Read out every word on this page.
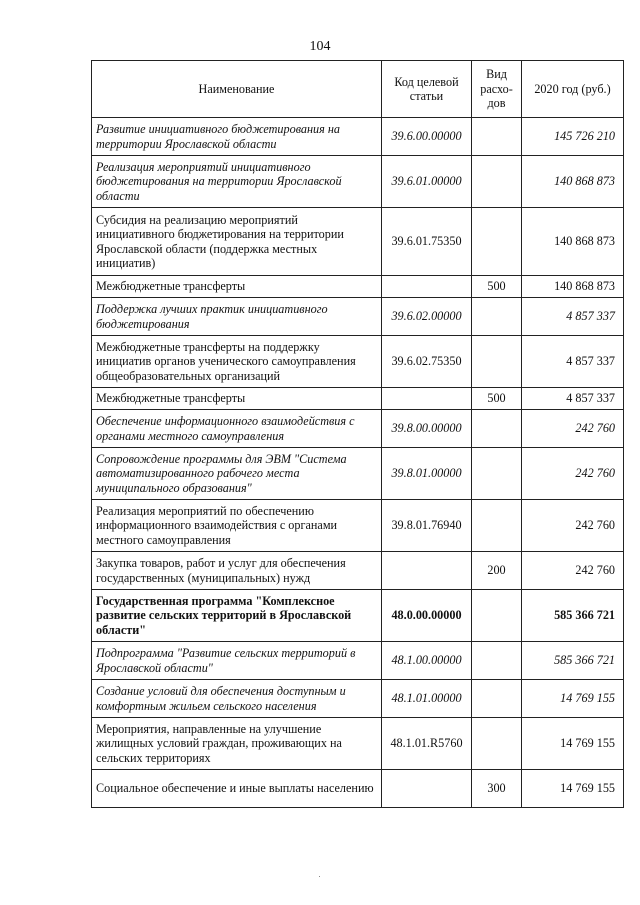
104
Наименование	Код целевой статьи	Вид расхо-дов	2020 год (руб.)
Развитие инициативного бюджетирования на территории Ярославской области	39.6.00.00000		145 726 210
Реализация мероприятий инициативного бюджетирования на территории Ярославской области	39.6.01.00000		140 868 873
Субсидия на реализацию мероприятий инициативного бюджетирования на территории Ярославской области (поддержка местных инициатив)	39.6.01.75350		140 868 873
Межбюджетные трансферты		500	140 868 873
Поддержка лучших практик инициативного бюджетирования	39.6.02.00000		4 857 337
Межбюджетные трансферты на поддержку инициатив органов ученического самоуправления общеобразовательных организаций	39.6.02.75350		4 857 337
Межбюджетные трансферты		500	4 857 337
Обеспечение информационного взаимодействия с органами местного самоуправления	39.8.00.00000		242 760
Сопровождение программы для ЭВМ "Система автоматизированного рабочего места муниципального образования"	39.8.01.00000		242 760
Реализация мероприятий по обеспечению информационного взаимодействия с органами местного самоуправления	39.8.01.76940		242 760
Закупка товаров, работ и услуг для обеспечения государственных (муниципальных) нужд		200	242 760
Государственная программа "Комплексное развитие сельских территорий в Ярославской области"	48.0.00.00000		585 366 721
Подпрограмма "Развитие сельских территорий в Ярославской области"	48.1.00.00000		585 366 721
Создание условий для обеспечения доступным и комфортным жильем сельского населения	48.1.01.00000		14 769 155
Мероприятия, направленные на улучшение жилищных условий граждан, проживающих на сельских территориях	48.1.01.R5760		14 769 155
Социальное обеспечение и иные выплаты населению		300	14 769 155
